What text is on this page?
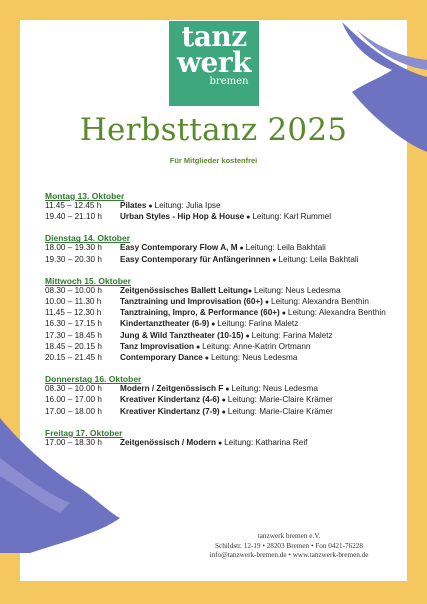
tanz
werk
bremen
Herbsttanz 2025
Für Mitglieder kostenfrei
Montag 13. Oktober
11.45 – 12.45 h Pilates ● Leitung: Julia Ipse
19.40 – 21.10 h Urban Styles - Hip Hop & House ● Leitung: Karl Rummel
Dienstag 14. Oktober
18.00 – 19.30 h Easy Contemporary Flow A, M ● Leitung: Leila Bakhtali
19.30 – 20.30 h Easy Contemporary für Anfängerinnen ● Leitung: Leila Bakhtali
Mittwoch 15. Oktober
08.30 – 10.00 h Zeitgenössisches Ballett Leitung● Leitung: Neus Ledesma
10.00 – 11.30 h Tanztraining und Improvisation (60+) ● Leitung: Alexandra Benthin
11.45 – 12.30 h Tanztraining, Impro, & Performance (60+) ● Leitung: Alexandra Benthin
16.30 – 17.15 h Kindertanztheater (6-9) ● Leitung: Farina Maletz
17.30 – 18.45 h Jung & Wild Tanztheater (10-15) ● Leitung: Farina Maletz
18.45 – 20.15 h Tanz Improvisation ● Leitung: Anne-Katrin Ortmann
20.15 – 21.45 h Contemporary Dance ● Leitung: Neus Ledesma
Donnerstag 16. Oktober
08.30 – 10.00 h Modern / Zeitgenössisch F ● Leitung: Neus Ledesma
16.00 – 17.00 h Kreativer Kindertanz (4-6) ● Leitung: Marie-Claire Krämer
17.00 – 18.00 h Kreativer Kindertanz (7-9) ● Leitung: Marie-Claire Krämer
Freitag 17. Oktober
17.00 – 18.30 h Zeitgenössisch / Modern ● Leitung: Katharina Reif
tanzwerk bremen e.V.
Schildstr. 12-19 • 28203 Bremen • Fon 0421-76228
info@tanzwerk-bremen.de • www.tanzwerk-bremen.de
